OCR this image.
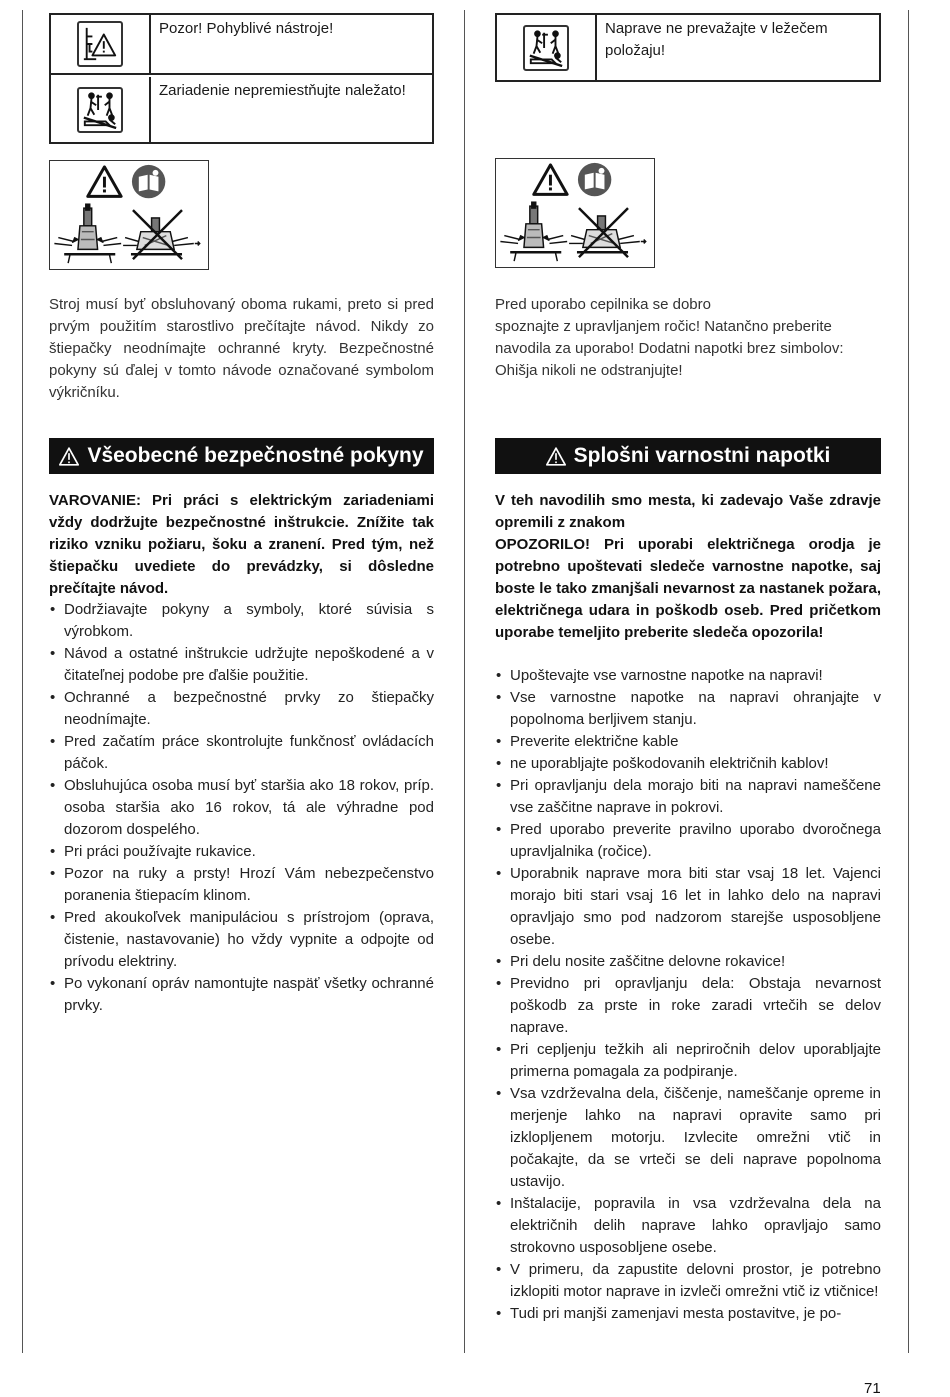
Pozor! Pohyblivé nástroje!
Zariadenie nepremiestňujte naležato!
Stroj musí byť obsluhovaný oboma rukami, preto si pred prvým použitím starostlivo prečítajte návod. Nikdy zo štiepačky neodnímajte ochranné kryty. Bezpečnostné pokyny sú ďalej v tomto návode označované symbolom výkričníku.
Všeobecné bezpečnostné pokyny
VAROVANIE: Pri práci s elektrickým zariadeniami vždy dodržujte bezpečnostné inštrukcie. Znížite tak riziko vzniku požiaru, šoku a zranení. Pred tým, než štiepačku uvediete do prevádzky, si dôsledne prečítajte návod.
• Dodržiavajte pokyny a symboly, ktoré súvisia s výrobkom.
• Návod a ostatné inštrukcie udržujte nepoškodené a v čitateľnej podobe pre ďalšie použitie.
• Ochranné a bezpečnostné prvky zo štiepačky neodnímajte.
• Pred začatím práce skontrolujte funkčnosť ovládacích páčok.
• Obsluhujúca osoba musí byť staršia ako 18 rokov, príp. osoba staršia ako 16 rokov, tá ale výhradne pod dozorom dospelého.
• Pri práci používajte rukavice.
• Pozor na ruky a prsty! Hrozí Vám nebezpečenstvo poranenia štiepacím klinom.
• Pred akoukoľvek manipuláciou s prístrojom (oprava, čistenie, nastavovanie) ho vždy vypnite a odpojte od prívodu elektriny.
• Po vykonaní opráv namontujte naspäť všetky ochranné prvky.
Naprave ne prevažajte v ležečem položaju!
Pred uporabo cepilnika se dobro
spoznajte z upravljanjem ročic! Natančno preberite navodila za uporabo! Dodatni napotki brez simbolov: Ohišja nikoli ne odstranjujte!
Splošni varnostni napotki
V teh navodilih smo mesta, ki zadevajo Vaše zdravje opremili z znakom
OPOZORILO! Pri uporabi električnega orodja je potrebno upoštevati sledeče varnostne napotke, saj boste le tako zmanjšali nevarnost za nastanek požara, električnega udara in poškodb oseb. Pred pričetkom uporabe temeljito preberite sledeča opozorila!
• Upoštevajte vse varnostne napotke na napravi!
• Vse varnostne napotke na napravi ohranjajte v popolnoma berljivem stanju.
• Preverite električne kable
• ne uporabljajte poškodovanih električnih kablov!
• Pri opravljanju dela morajo biti na napravi nameščene vse zaščitne naprave in pokrovi.
• Pred uporabo preverite pravilno uporabo dvoročnega upravljalnika (ročice).
• Uporabnik naprave mora biti star vsaj 18 let. Vajenci morajo biti stari vsaj 16 let in lahko delo na napravi opravljajo smo pod nadzorom starejše usposobljene osebe.
• Pri delu nosite zaščitne delovne rokavice!
• Previdno pri opravljanju dela: Obstaja nevarnost poškodb za prste in roke zaradi vrtečih se delov naprave.
• Pri cepljenju težkih ali nepriročnih delov uporabljajte primerna pomagala za podpiranje.
• Vsa vzdrževalna dela, čiščenje, nameščanje opreme in merjenje lahko na napravi opravite samo pri izklopljenem motorju. Izvlecite omrežni vtič in počakajte, da se vrteči se deli naprave popolnoma ustavijo.
• Inštalacije, popravila in vsa vzdrževalna dela na električnih delih naprave lahko opravljajo samo strokovno usposobljene osebe.
• V primeru, da zapustite delovni prostor, je potrebno izklopiti motor naprave in izvleči omrežni vtič iz vtičnice!
• Tudi pri manjši zamenjavi mesta postavitve, je po-
71
